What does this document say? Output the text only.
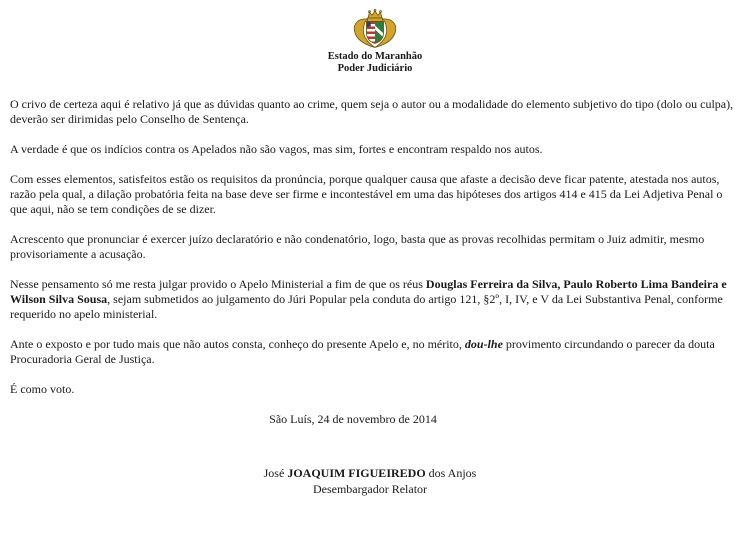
Estado do Maranhão
Poder Judiciário

O crivo de certeza aqui é relativo já que as dúvidas quanto ao crime, quem seja o autor ou a modalidade do elemento subjetivo do tipo (dolo ou culpa), deverão ser dirimidas pelo Conselho de Sentença.

A verdade é que os indícios contra os Apelados não são vagos, mas sim, fortes e encontram respaldo nos autos.

Com esses elementos, satisfeitos estão os requisitos da pronúncia, porque qualquer causa que afaste a decisão deve ficar patente, atestada nos autos, razão pela qual, a dilação probatória feita na base deve ser firme e incontestável em uma das hipóteses dos artigos 414 e 415 da Lei Adjetiva Penal o que aqui, não se tem condições de se dizer.

Acrescento que pronunciar é exercer juízo declaratório e não condenatório, logo, basta que as provas recolhidas permitam o Juiz admitir, mesmo provisoriamente a acusação.

Nesse pensamento só me resta julgar provido o Apelo Ministerial a fim de que os réus Douglas Ferreira da Silva, Paulo Roberto Lima Bandeira e Wilson Silva Sousa, sejam submetidos ao julgamento do Júri Popular pela conduta do artigo 121, §2º, I, IV, e V da Lei Substantiva Penal, conforme requerido no apelo ministerial.

Ante o exposto e por tudo mais que não autos consta, conheço do presente Apelo e, no mérito, dou-lhe provimento circundando o parecer da douta Procuradoria Geral de Justiça.

É como voto.

São Luís, 24 de novembro de 2014
José JOAQUIM FIGUEIREDO dos Anjos
Desembargador Relator
